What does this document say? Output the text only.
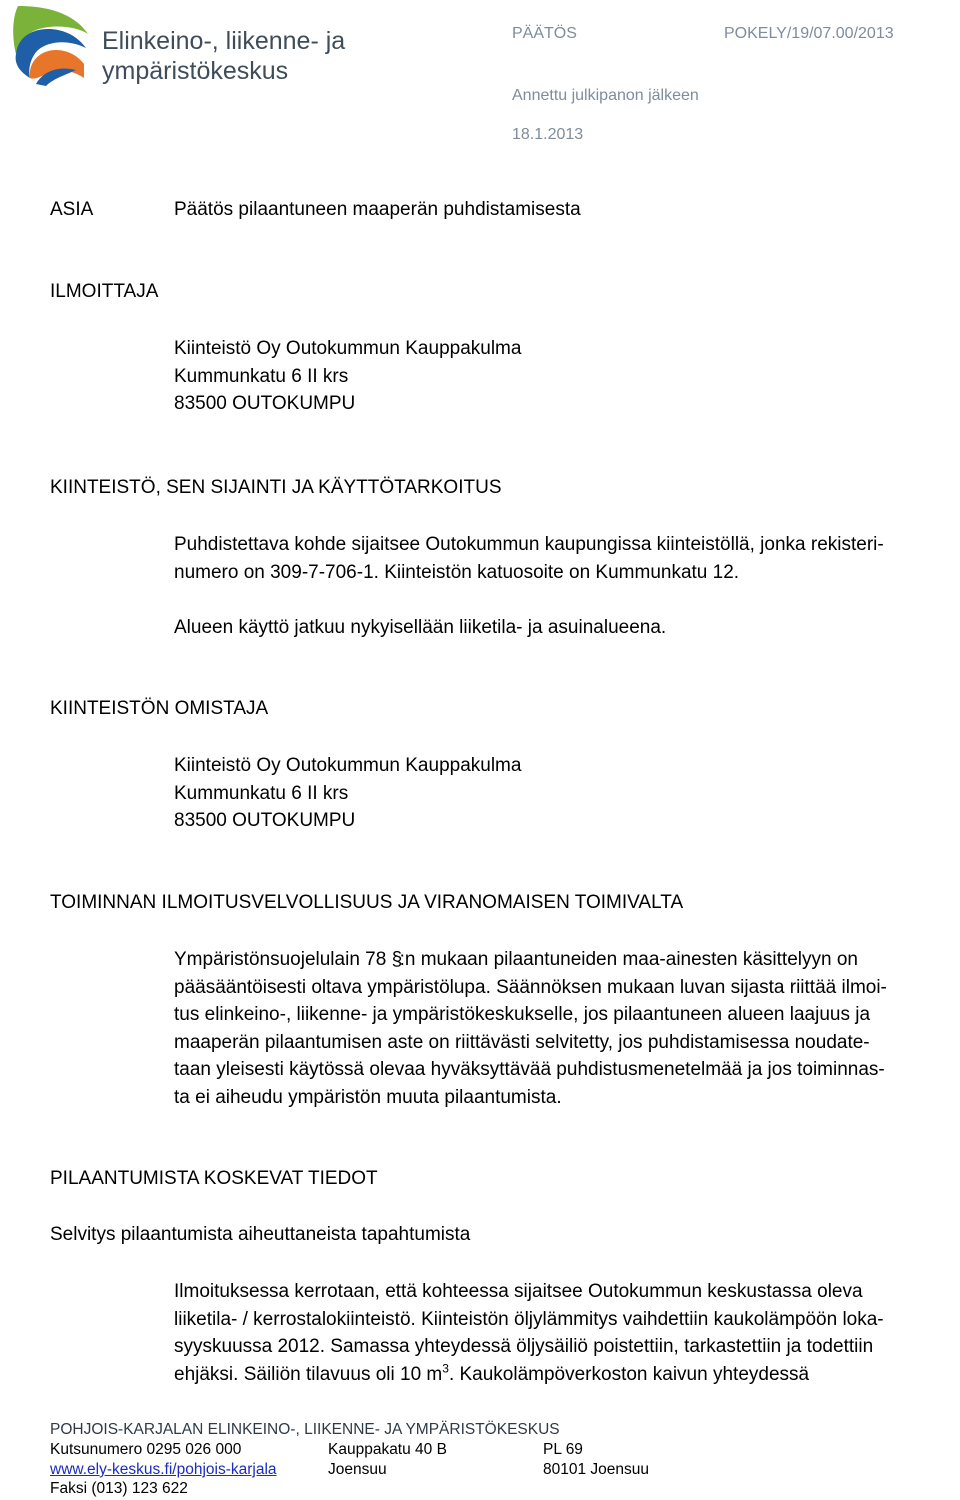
Elinkeino-, liikenne- ja
ympäristökeskus
PÄÄTÖS	POKELY/19/07.00/2013
Annettu julkipanon jälkeen
18.1.2013
ASIA	Päätös pilaantuneen maaperän puhdistamisesta
ILMOITTAJA
Kiinteistö Oy Outokummun Kauppakulma
Kummunkatu 6 II krs
83500 OUTOKUMPU
KIINTEISTÖ, SEN SIJAINTI JA KÄYTTÖTARKOITUS
Puhdistettava kohde sijaitsee Outokummun kaupungissa kiinteistöllä, jonka rekisteri-
numero on 309-7-706-1. Kiinteistön katuosoite on Kummunkatu 12.
Alueen käyttö jatkuu nykyisellään liiketila- ja asuinalueena.
KIINTEISTÖN OMISTAJA
Kiinteistö Oy Outokummun Kauppakulma
Kummunkatu 6 II krs
83500 OUTOKUMPU
TOIMINNAN ILMOITUSVELVOLLISUUS JA VIRANOMAISEN TOIMIVALTA
Ympäristönsuojelulain 78 §:n mukaan pilaantuneiden maa-ainesten käsittelyyn on
pääsääntöisesti oltava ympäristölupa. Säännöksen mukaan luvan sijasta riittää ilmoi-
tus elinkeino-, liikenne- ja ympäristökeskukselle, jos pilaantuneen alueen laajuus ja
maaperän pilaantumisen aste on riittävästi selvitetty, jos puhdistamisessa noudate-
taan yleisesti käytössä olevaa hyväksyttävää puhdistusmenetelmää ja jos toiminnas-
ta ei aiheudu ympäristön muuta pilaantumista.
PILAANTUMISTA KOSKEVAT TIEDOT
Selvitys pilaantumista aiheuttaneista tapahtumista
Ilmoituksessa kerrotaan, että kohteessa sijaitsee Outokummun keskustassa oleva
liiketila- / kerrostalokiinteistö. Kiinteistön öljylämmitys vaihdettiin kaukolämpöön loka-
syyskuussa 2012. Samassa yhteydessä öljysäiliö poistettiin, tarkastettiin ja todettiin
ehjäksi. Säiliön tilavuus oli 10 $m^3$. Kaukolämpöverkoston kaivun yhteydessä
POHJOIS-KARJALAN ELINKEINO-, LIIKENNE- JA YMPÄRISTÖKESKUS
Kutsunumero 0295 026 000
www.ely-keskus.fi/pohjois-karjala
Faksi (013) 123 622
Kauppakatu 40 B
Joensuu
PL 69
80101 Joensuu
